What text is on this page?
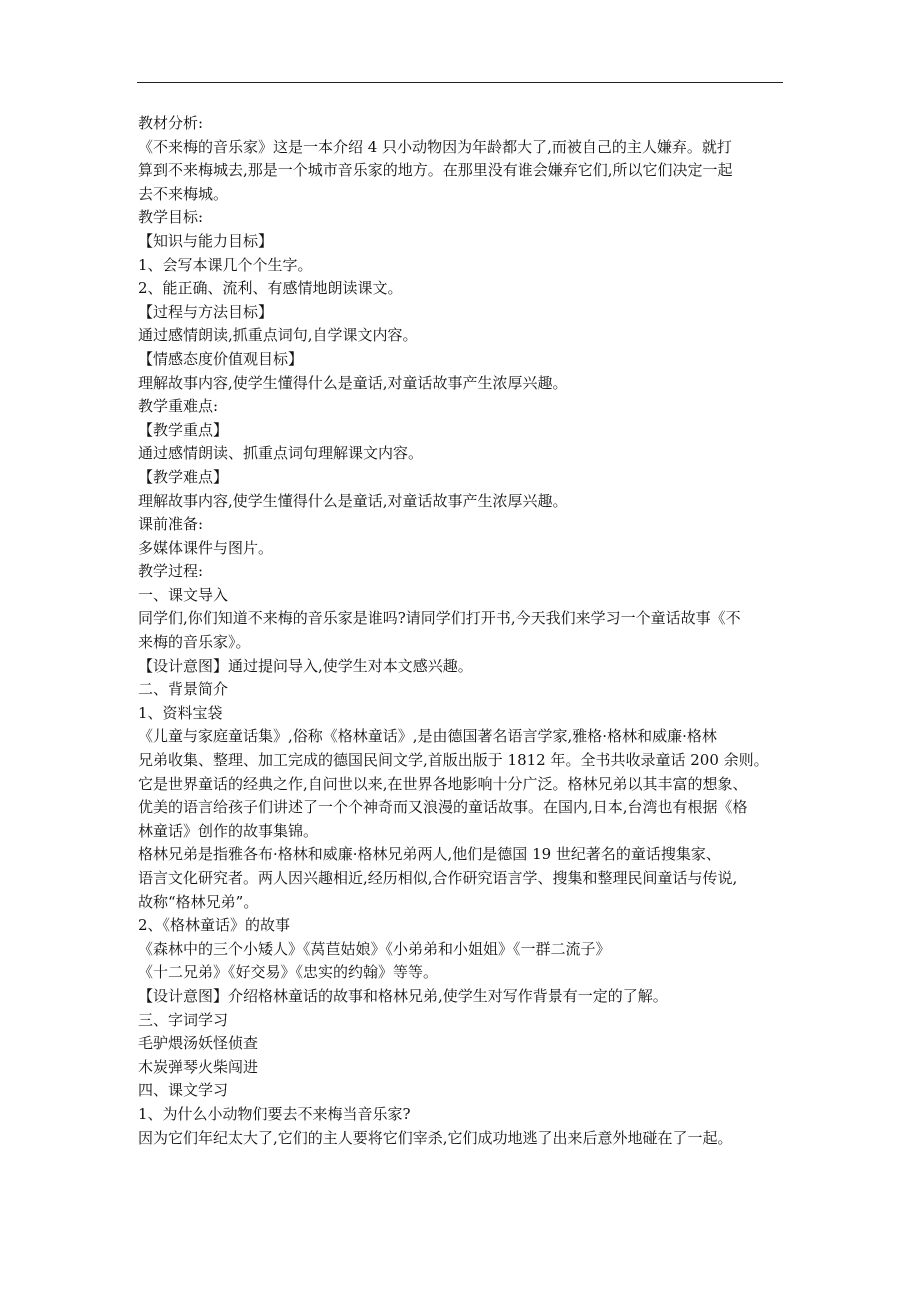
教材分析:

《不来梅的音乐家》这是一本介绍 4 只小动物因为年龄都大了,而被自己的主人嫌弃。就打

算到不来梅城去,那是一个城市音乐家的地方。在那里没有谁会嫌弃它们,所以它们决定一起

去不来梅城。

教学目标:

【知识与能力目标】

1、会写本课几个个生字。

2、能正确、流利、有感情地朗读课文。

【过程与方法目标】

通过感情朗读,抓重点词句,自学课文内容。

【情感态度价值观目标】

理解故事内容,使学生懂得什么是童话,对童话故事产生浓厚兴趣。

教学重难点:

【教学重点】

通过感情朗读、抓重点词句理解课文内容。

【教学难点】

理解故事内容,使学生懂得什么是童话,对童话故事产生浓厚兴趣。

课前准备:

多媒体课件与图片。

教学过程:

一、课文导入

同学们,你们知道不来梅的音乐家是谁吗?请同学们打开书,今天我们来学习一个童话故事《不

来梅的音乐家》。

【设计意图】通过提问导入,使学生对本文感兴趣。

二、背景简介

1、资料宝袋

《儿童与家庭童话集》,俗称《格林童话》,是由德国著名语言学家,雅格·格林和威廉·格林

兄弟收集、整理、加工完成的德国民间文学,首版出版于 1812 年。全书共收录童话 200 余则。

它是世界童话的经典之作,自问世以来,在世界各地影响十分广泛。格林兄弟以其丰富的想象、

优美的语言给孩子们讲述了一个个神奇而又浪漫的童话故事。在国内,日本,台湾也有根据《格

林童话》创作的故事集锦。

格林兄弟是指雅各布·格林和威廉·格林兄弟两人,他们是德国 19 世纪著名的童话搜集家、

语言文化研究者。两人因兴趣相近,经历相似,合作研究语言学、搜集和整理民间童话与传说,

故称“格林兄弟”。

2、《格林童话》的故事

《森林中的三个小矮人》《莴苣姑娘》《小弟弟和小姐姐》《一群二流子》

《十二兄弟》《好交易》《忠实的约翰》等等。

【设计意图】介绍格林童话的故事和格林兄弟,使学生对写作背景有一定的了解。

三、字词学习

毛驴煨汤妖怪侦查

木炭弹琴火柴闯进

四、课文学习

1、为什么小动物们要去不来梅当音乐家?

因为它们年纪太大了,它们的主人要将它们宰杀,它们成功地逃了出来后意外地碰在了一起。
